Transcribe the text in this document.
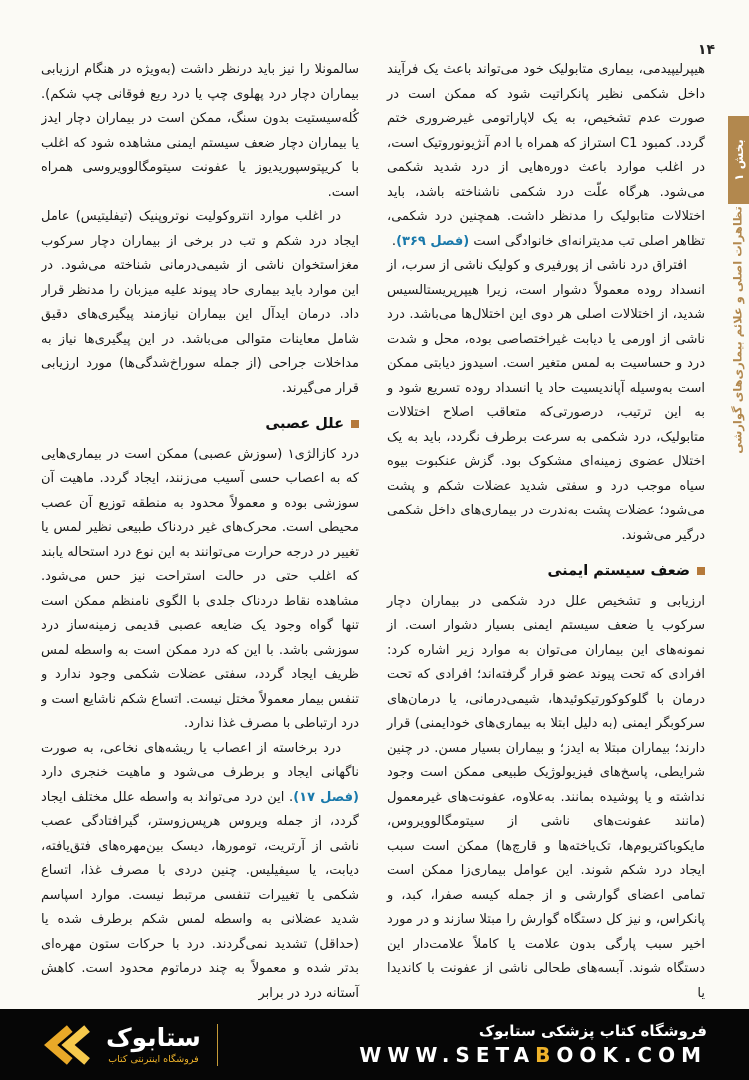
۱۴
بخش ۱
تظاهرات اصلی و علائم بیماری‌های گوارشی

هیپرلیپیدمی، بیماری متابولیک خود می‌تواند باعث یک فرآیند داخل شکمی نظیر پانکراتیت شود که ممکن است در صورت عدم تشخیص، به یک لاپاراتومی غیرضروری ختم گردد. کمبود C1 استراز که همراه با ادم آنژیونوروتیک است، در اغلب موارد باعث دوره‌هایی از درد شدید شکمی می‌شود. هرگاه علّت درد شکمی ناشناخته باشد، باید اختلالات متابولیک را مدنظر داشت. همچنین درد شکمی، تظاهر اصلی تب مدیترانه‌ای خانوادگی است (فصل ۳۶۹).

افتراق درد ناشی از پورفیری و کولیک ناشی از سرب، از انسداد روده معمولاً دشوار است، زیرا هیپرپریستالسیس شدید، از اختلالات اصلی هر دوی این اختلال‌ها می‌باشد. درد ناشی از اورمی یا دیابت غیراختصاصی بوده، محل و شدت درد و حساسیت به لمس متغیر است. اسیدوز دیابتی ممکن است به‌وسیله آپاندیسیت حاد یا انسداد روده تسریع شود و به این ترتیب، درصورتی‌که متعاقب اصلاح اختلالات متابولیک، درد شکمی به سرعت برطرف نگردد، باید به یک اختلال عضوی زمینه‌ای مشکوک بود. گزش عنکبوت بیوه سیاه موجب درد و سفتی شدید عضلات شکم و پشت می‌شود؛ عضلات پشت به‌ندرت در بیماری‌های داخل شکمی درگیر می‌شوند.

ضعف سیستم ایمنی

ارزیابی و تشخیص علل درد شکمی در بیماران دچار سرکوب یا ضعف سیستم ایمنی بسیار دشوار است. از نمونه‌های این بیماران می‌توان به موارد زیر اشاره کرد: افرادی که تحت پیوند عضو قرار گرفته‌اند؛ افرادی که تحت درمان با گلوکوکورتیکوئیدها، شیمی‌درمانی، یا درمان‌های سرکوبگر ایمنی (به دلیل ابتلا به بیماری‌های خودایمنی) قرار دارند؛ بیماران مبتلا به ایدز؛ و بیماران بسیار مسن. در چنین شرایطی، پاسخ‌های فیزیولوژیک طبیعی ممکن است وجود نداشته و یا پوشیده بمانند. به‌علاوه، عفونت‌های غیرمعمول (مانند عفونت‌های ناشی از سیتومگالوویروس، مایکوباکتریوم‌ها، تک‌یاخته‌ها و قارچ‌ها) ممکن است سبب ایجاد درد شکم شوند. این عوامل بیماری‌زا ممکن است تمامی اعضای گوارشی و از جمله کیسه صفرا، کبد، و پانکراس، و نیز کل دستگاه گوارش را مبتلا سازند و در مورد اخیر سبب پارگی بدون علامت یا کاملاً علامت‌دار این دستگاه شوند. آبسه‌های طحالی ناشی از عفونت با کاندیدا یا

سالمونلا را نیز باید درنظر داشت (به‌ویژه در هنگام ارزیابی بیماران دچار درد پهلوی چپ یا درد ربع فوقانی چپ شکم). کُله‌سیستیت بدون سنگ، ممکن است در بیماران دچار ایدز یا بیماران دچار ضعف سیستم ایمنی مشاهده شود که اغلب با کریپتوسپوریدیوز یا عفونت سیتومگالوویروسی همراه است.

در اغلب موارد انتروکولیت نوتروپنیک (تیفلیتیس) عامل ایجاد درد شکم و تب در برخی از بیماران دچار سرکوب مغزاستخوان ناشی از شیمی‌درمانی شناخته می‌شود. در این موارد باید بیماری حاد پیوند علیه میزبان را مدنظر قرار داد. درمان ایدآل این بیماران نیازمند پیگیری‌های دقیق شامل معاینات متوالی می‌باشد. در این پیگیری‌ها نیاز به مداخلات جراحی (از جمله سوراخ‌شدگی‌ها) مورد ارزیابی قرار می‌گیرند.

علل عصبی

درد کازالژی۱ (سوزش عصبی) ممکن است در بیماری‌هایی که به اعصاب حسی آسیب می‌زنند، ایجاد گردد. ماهیت آن سوزشی بوده و معمولاً محدود به منطقه توزیع آن عصب محیطی است. محرک‌های غیر دردناک طبیعی نظیر لمس یا تغییر در درجه حرارت می‌توانند به این نوع درد استحاله یابند که اغلب حتی در حالت استراحت نیز حس می‌شود. مشاهده نقاط دردناک جلدی با الگوی نامنظم ممکن است تنها گواه وجود یک ضایعه عصبی قدیمی زمینه‌ساز درد سوزشی باشد. با این که درد ممکن است به واسطه لمس ظریف ایجاد گردد، سفتی عضلات شکمی وجود ندارد و تنفس بیمار معمولاً مختل نیست. اتساع شکم ناشایع است و درد ارتباطی با مصرف غذا ندارد.

درد برخاسته از اعصاب یا ریشه‌های نخاعی، به صورت ناگهانی ایجاد و برطرف می‌شود و ماهیت خنجری دارد (فصل ۱۷). این درد می‌تواند به واسطه علل مختلف ایجاد گردد، از جمله ویروس هرپس‌زوستر، گیرافتادگی عصب ناشی از آرتریت، تومورها، دیسک بین‌مهره‌های فتق‌یافته، دیابت، یا سیفیلیس. چنین دردی با مصرف غذا، اتساع شکمی یا تغییرات تنفسی مرتبط نیست. موارد اسپاسم شدید عضلانی به واسطه لمس شکم برطرف شده یا (حداقل) تشدید نمی‌گردند. درد با حرکات ستون مهره‌ای بدتر شده و معمولاً به چند درماتوم محدود است. کاهش آستانه درد در برابر

ستابوک
فروشگاه اینترنتی کتاب
فروشگاه کتاب پزشکی ستابوک
WWW.SETABOOK.COM
